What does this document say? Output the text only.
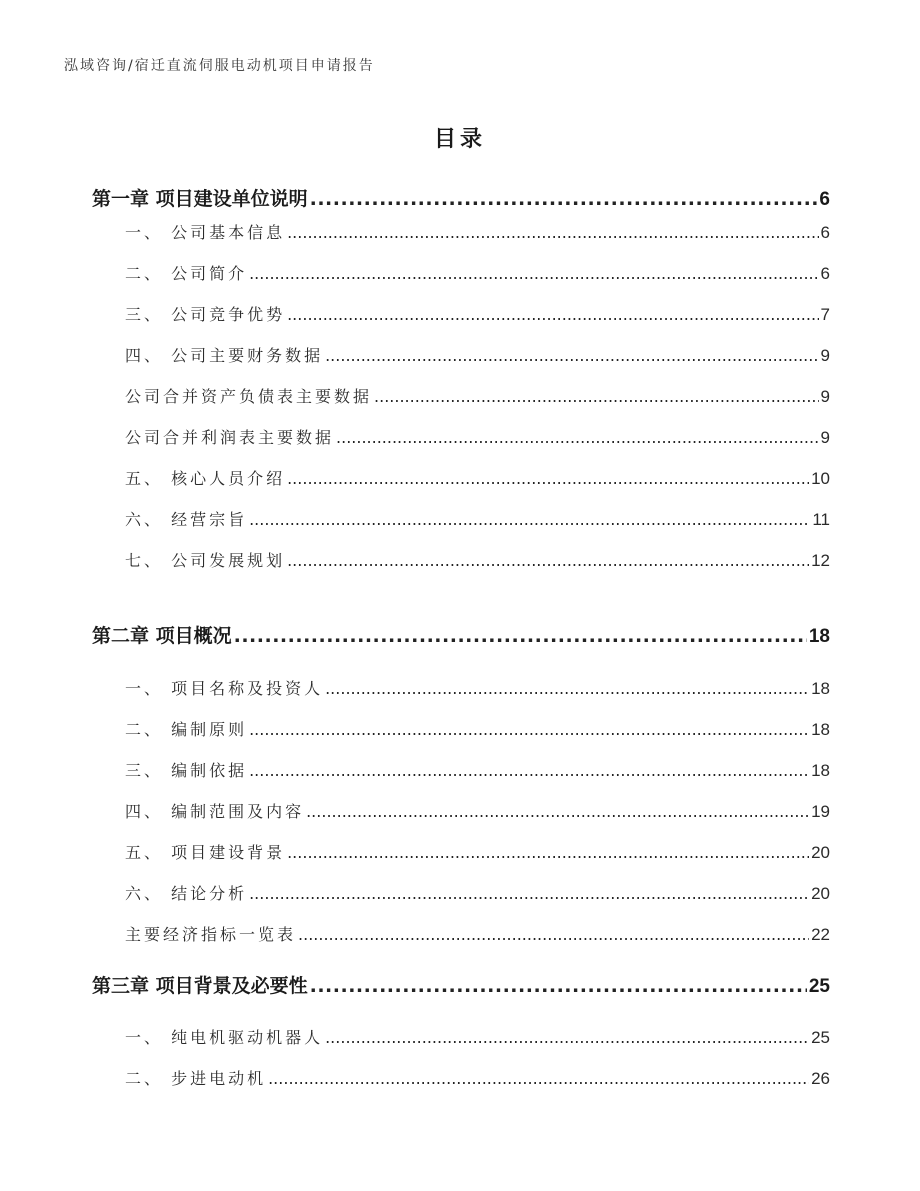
泓域咨询/宿迁直流伺服电动机项目申请报告
目录
第一章 项目建设单位说明 .....	6
一、 公司基本信息 .....	6
二、 公司简介 .....	6
三、 公司竞争优势 .....	7
四、 公司主要财务数据 .....	9
公司合并资产负债表主要数据 .....	9
公司合并利润表主要数据 .....	9
五、 核心人员介绍 .....	10
六、 经营宗旨 .....	11
七、 公司发展规划 .....	12
第二章 项目概况 .....	18
一、 项目名称及投资人 .....	18
二、 编制原则 .....	18
三、 编制依据 .....	18
四、 编制范围及内容 .....	19
五、 项目建设背景 .....	20
六、 结论分析 .....	20
主要经济指标一览表 .....	22
第三章 项目背景及必要性 .....	25
一、 纯电机驱动机器人 .....	25
二、 步进电动机 .....	26
